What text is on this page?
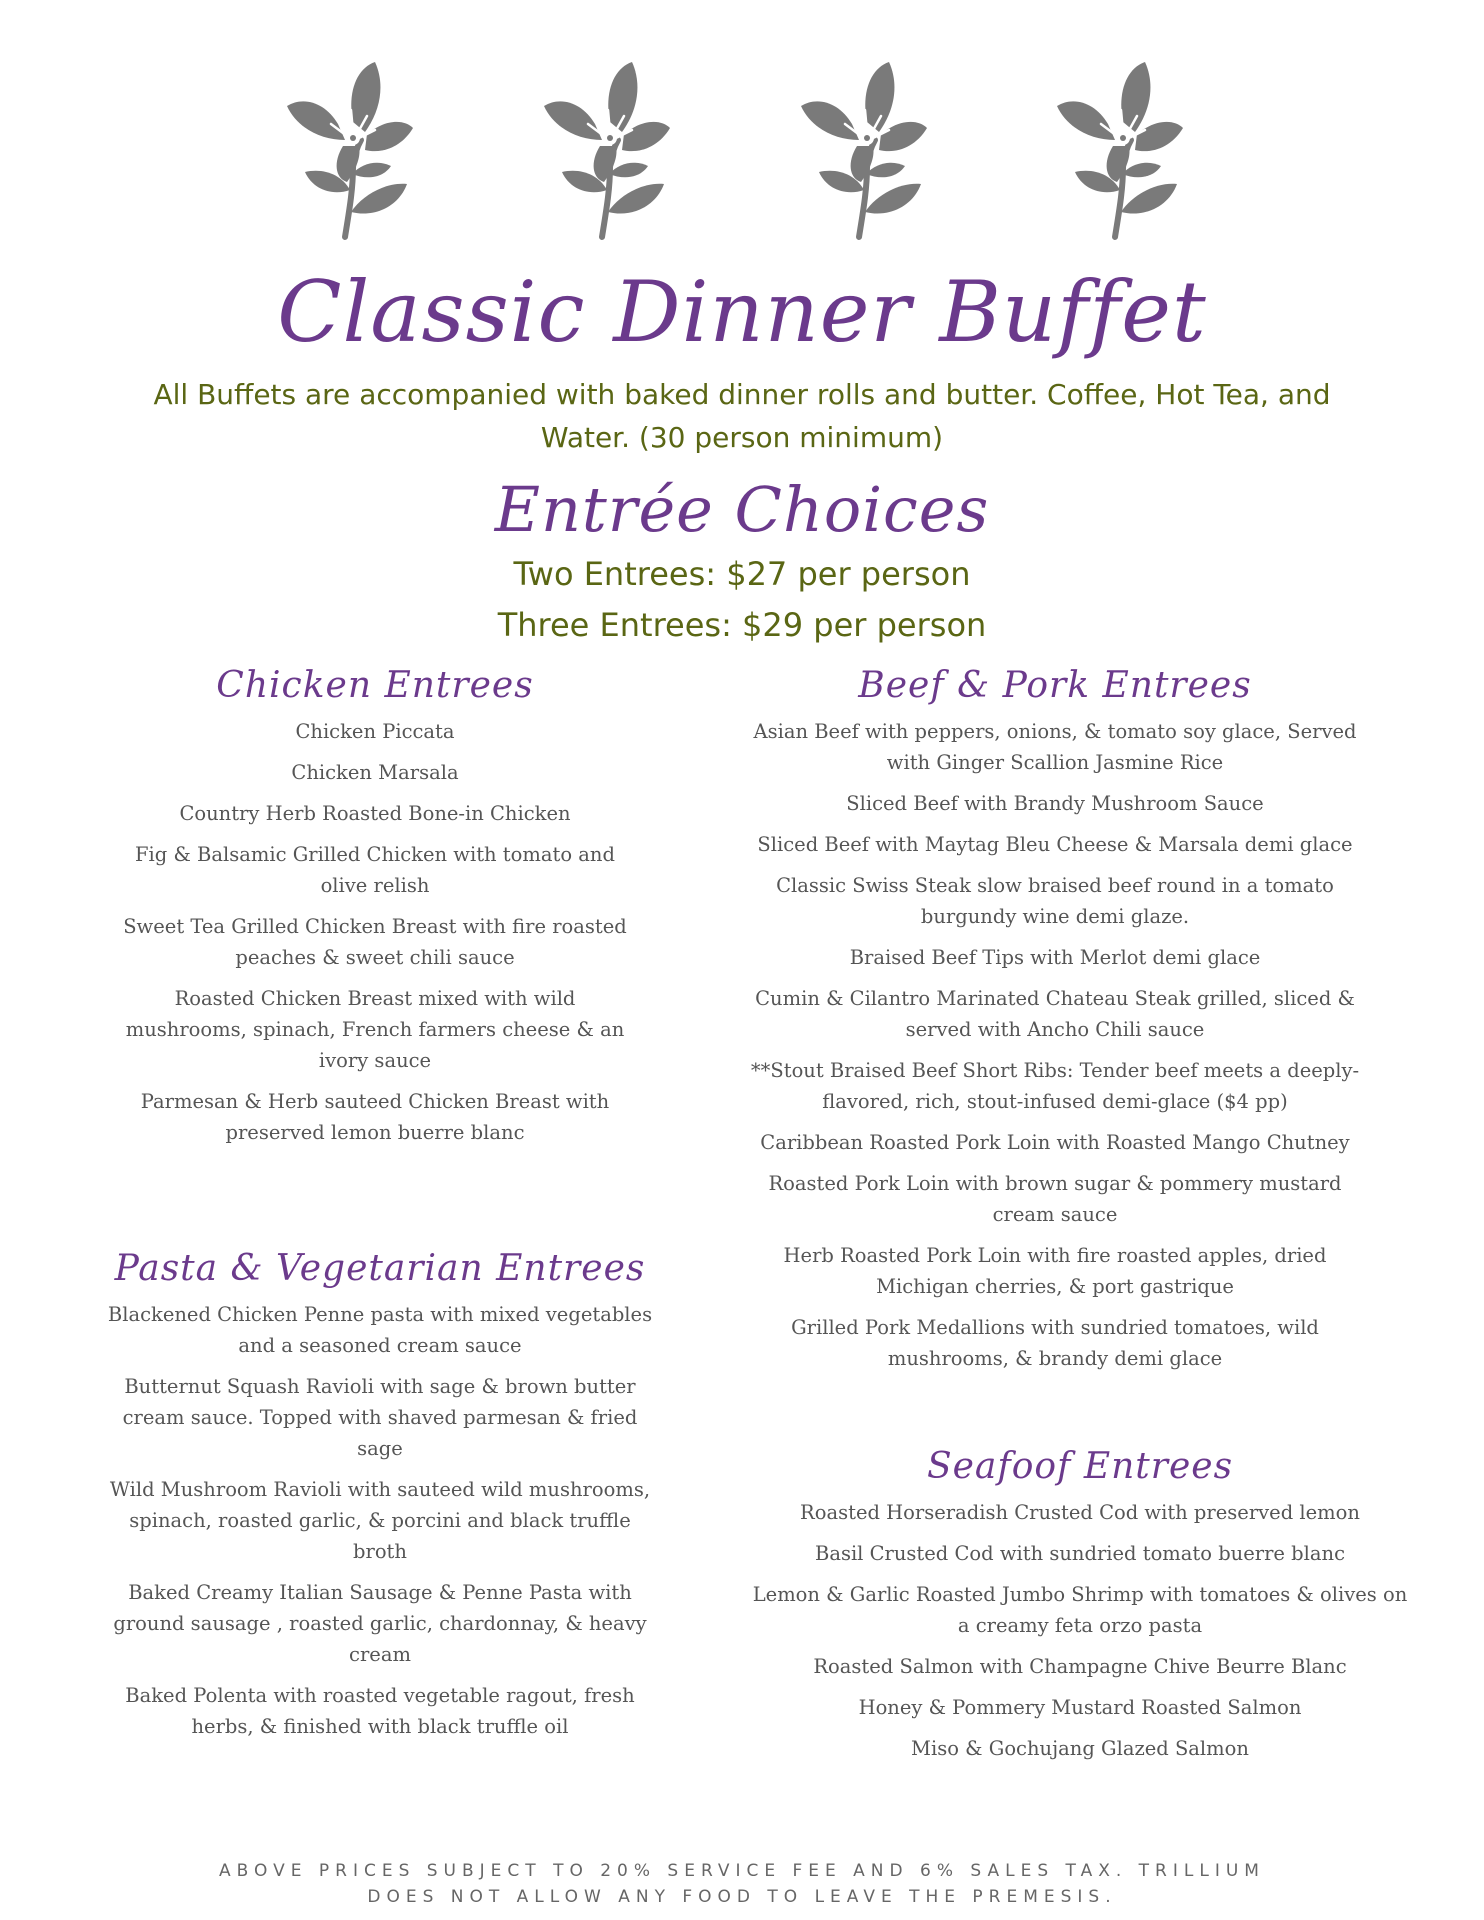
Classic Dinner Buffet

All Buffets are accompanied with baked dinner rolls and butter. Coffee, Hot Tea, and Water. (30 person minimum)

Entrée Choices

Two Entrees: $27 per person

Three Entrees: $29 per person

Chicken Entrees
Chicken Piccata
Chicken Marsala
Country Herb Roasted Bone-in Chicken
Fig & Balsamic Grilled Chicken with tomato and olive relish
Sweet Tea Grilled Chicken Breast with fire roasted peaches & sweet chili sauce
Roasted Chicken Breast mixed with wild mushrooms, spinach, French farmers cheese & an ivory sauce
Parmesan & Herb sauteed Chicken Breast with preserved lemon buerre blanc
Pasta & Vegetarian Entrees
Blackened Chicken Penne pasta with mixed vegetables and a seasoned cream sauce
Butternut Squash Ravioli with sage & brown butter cream sauce. Topped with shaved parmesan & fried sage
Wild Mushroom Ravioli with sauteed wild mushrooms, spinach, roasted garlic, & porcini and black truffle broth
Baked Creamy Italian Sausage & Penne Pasta with ground sausage , roasted garlic, chardonnay, & heavy cream
Baked Polenta with roasted vegetable ragout, fresh herbs, & finished with black truffle oil
Beef & Pork Entrees
Asian Beef with peppers, onions, & tomato soy glace, Served with Ginger Scallion Jasmine Rice
Sliced Beef with Brandy Mushroom Sauce
Sliced Beef with Maytag Bleu Cheese & Marsala demi glace
Classic Swiss Steak slow braised beef round in a tomato burgundy wine demi glaze.
Braised Beef Tips with Merlot demi glace
Cumin & Cilantro Marinated Chateau Steak grilled, sliced & served with Ancho Chili sauce
**Stout Braised Beef Short Ribs: Tender beef meets a deeply-flavored, rich, stout-infused demi-glace ($4 pp)
Caribbean Roasted Pork Loin with Roasted Mango Chutney
Roasted Pork Loin with brown sugar & pommery mustard cream sauce
Herb Roasted Pork Loin with fire roasted apples, dried Michigan cherries, & port gastrique
Grilled Pork Medallions with sundried tomatoes, wild mushrooms, & brandy demi glace
Seafoof Entrees
Roasted Horseradish Crusted Cod with preserved lemon
Basil Crusted Cod with sundried tomato buerre blanc
Lemon & Garlic Roasted Jumbo Shrimp with tomatoes & olives on a creamy feta orzo pasta
Roasted Salmon with Champagne Chive Beurre Blanc
Honey & Pommery Mustard Roasted Salmon
Miso & Gochujang Glazed Salmon

ABOVE PRICES SUBJECT TO 20% SERVICE FEE AND 6% SALES TAX. TRILLIUM DOES NOT ALLOW ANY FOOD TO LEAVE THE PREMESIS.
